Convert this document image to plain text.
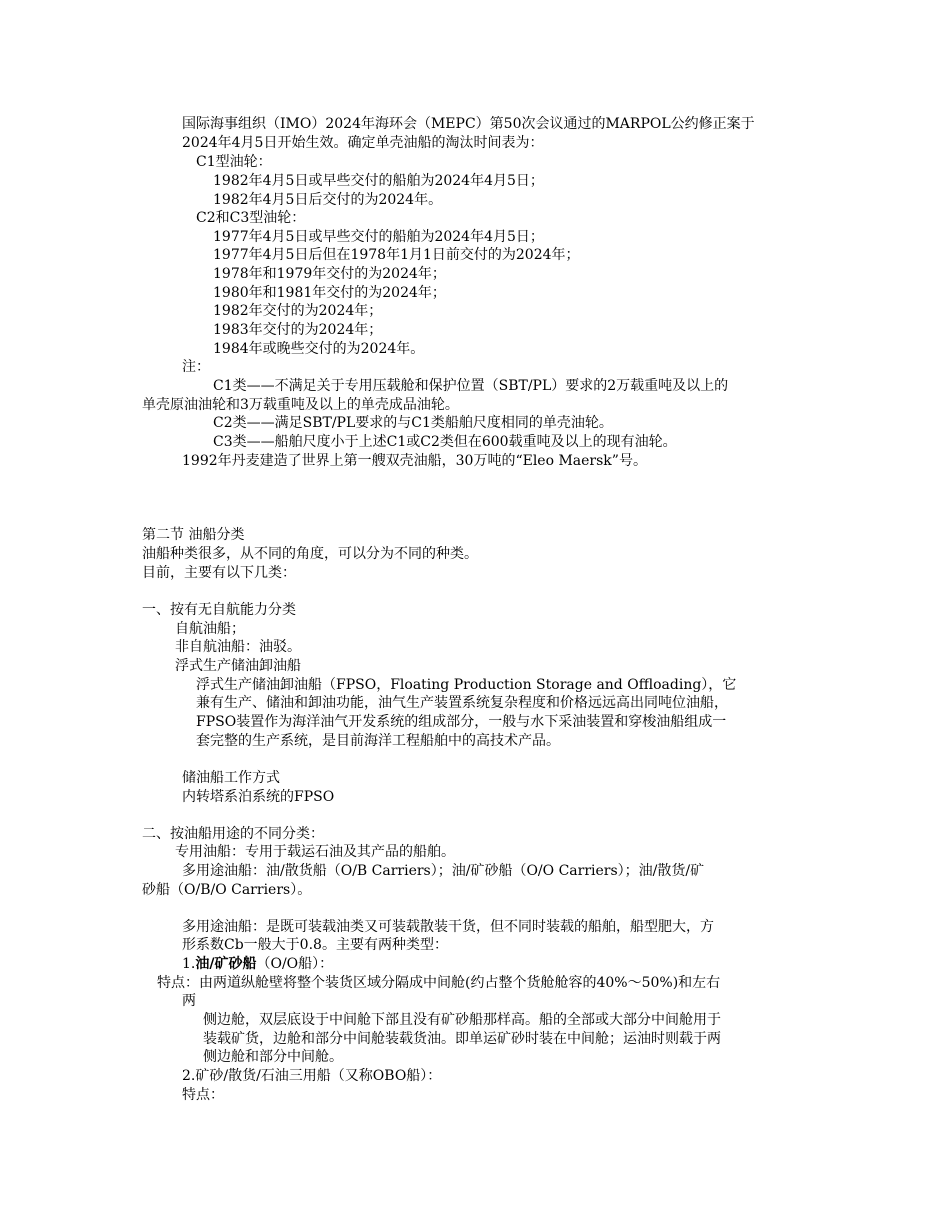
国际海事组织（IMO）2024年海环会（MEPC）第50次会议通过的MARPOL公约修正案于

2024年4月5日开始生效。确定单壳油船的淘汰时间表为：

C1型油轮：

1982年4月5日或早些交付的船舶为2024年4月5日；

1982年4月5日后交付的为2024年。

C2和C3型油轮：

1977年4月5日或早些交付的船舶为2024年4月5日；

1977年4月5日后但在1978年1月1日前交付的为2024年；

1978年和1979年交付的为2024年；

1980年和1981年交付的为2024年；

1982年交付的为2024年；

1983年交付的为2024年；

1984年或晚些交付的为2024年。

注：

C1类——不满足关于专用压载舱和保护位置（SBT/PL）要求的2万载重吨及以上的

单壳原油油轮和3万载重吨及以上的单壳成品油轮。

C2类——满足SBT/PL要求的与C1类船舶尺度相同的单壳油轮。

C3类——船舶尺度小于上述C1或C2类但在600载重吨及以上的现有油轮。

1992年丹麦建造了世界上第一艘双壳油船，30万吨的“Eleo Maersk”号。

第二节 油船分类

油船种类很多，从不同的角度，可以分为不同的种类。

目前，主要有以下几类：

一、按有无自航能力分类

自航油船；

非自航油船：油驳。

浮式生产储油卸油船

浮式生产储油卸油船（FPSO，Floating Production Storage and Offloading），它

兼有生产、储油和卸油功能，油气生产装置系统复杂程度和价格远远高出同吨位油船，

FPSO装置作为海洋油气开发系统的组成部分，一般与水下采油装置和穿梭油船组成一

套完整的生产系统，是目前海洋工程船舶中的高技术产品。

储油船工作方式

内转塔系泊系统的FPSO

二、按油船用途的不同分类：

专用油船：专用于载运石油及其产品的船舶。

多用途油船：油/散货船（O/B Carriers）；油/矿砂船（O/O Carriers）；油/散货/矿

砂船（O/B/O Carriers）。

多用途油船：是既可装载油类又可装载散装干货，但不同时装载的船舶，船型肥大，方

形系数Cb一般大于0.8。主要有两种类型：

1.油/矿砂船（O/O船）：

特点：由两道纵舱壁将整个装货区域分隔成中间舱(约占整个货舱舱容的40%～50%)和左右

两

侧边舱，双层底设于中间舱下部且没有矿砂船那样高。船的全部或大部分中间舱用于

装载矿货，边舱和部分中间舱装载货油。即单运矿砂时装在中间舱；运油时则载于两

侧边舱和部分中间舱。

2.矿砂/散货/石油三用船（又称OBO船）：

特点：
